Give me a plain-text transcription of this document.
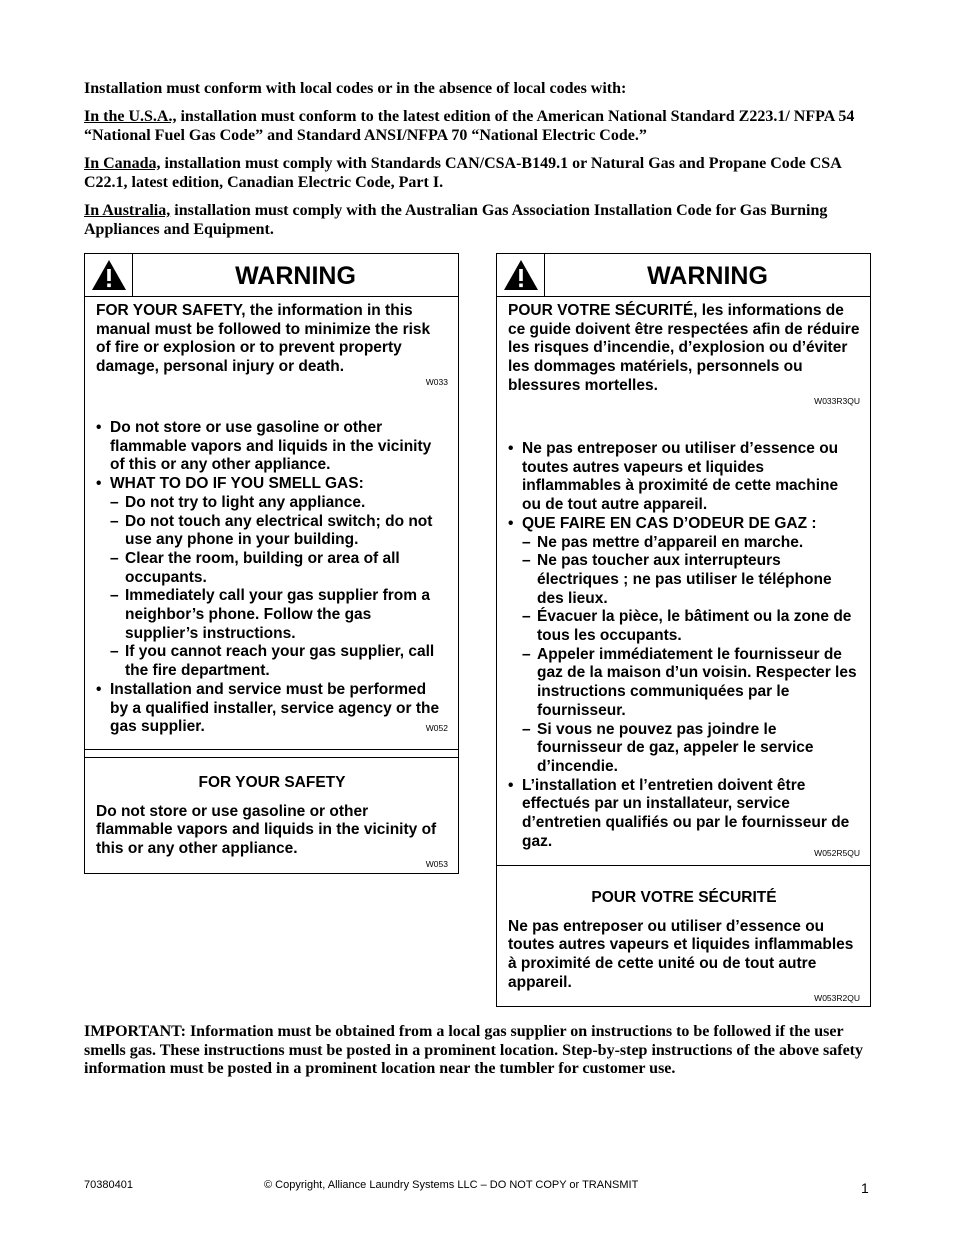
Installation must conform with local codes or in the absence of local codes with:

In the U.S.A., installation must conform to the latest edition of the American National Standard Z223.1/ NFPA 54 “National Fuel Gas Code” and Standard ANSI/NFPA 70 “National Electric Code.”

In Canada, installation must comply with Standards CAN/CSA-B149.1 or Natural Gas and Propane Code CSA C22.1, latest edition, Canadian Electric Code, Part I.

In Australia, installation must comply with the Australian Gas Association Installation Code for Gas Burning Appliances and Equipment.

WARNING

FOR YOUR SAFETY, the information in this manual must be followed to minimize the risk of fire or explosion or to prevent property damage, personal injury or death.

W033
• Do not store or use gasoline or other flammable vapors and liquids in the vicinity of this or any other appliance.
• WHAT TO DO IF YOU SMELL GAS:
– Do not try to light any appliance.
– Do not touch any electrical switch; do not use any phone in your building.
– Clear the room, building or area of all occupants.
– Immediately call your gas supplier from a neighbor’s phone. Follow the gas supplier’s instructions.
– If you cannot reach your gas supplier, call the fire department.
• Installation and service must be performed by a qualified installer, service agency or the gas supplier.	W052

FOR YOUR SAFETY

Do not store or use gasoline or other flammable vapors and liquids in the vicinity of this or any other appliance.

W053
WARNING

POUR VOTRE SÉCURITÉ, les informations de ce guide doivent être respectées afin de réduire les risques d’incendie, d’explosion ou d’éviter les dommages matériels, personnels ou blessures mortelles.

W033R3QU
• Ne pas entreposer ou utiliser d’essence ou toutes autres vapeurs et liquides inflammables à proximité de cette machine ou de tout autre appareil.
• QUE FAIRE EN CAS D’ODEUR DE GAZ :
– Ne pas mettre d’appareil en marche.
– Ne pas toucher aux interrupteurs électriques ; ne pas utiliser le téléphone des lieux.
– Évacuer la pièce, le bâtiment ou la zone de tous les occupants.
– Appeler immédiatement le fournisseur de gaz de la maison d’un voisin. Respecter les instructions communiquées par le fournisseur.
– Si vous ne pouvez pas joindre le fournisseur de gaz, appeler le service d’incendie.
• L’installation et l’entretien doivent être effectués par un installateur, service d’entretien qualifiés ou par le fournisseur de gaz.
W052R5QU

POUR VOTRE SÉCURITÉ

Ne pas entreposer ou utiliser d’essence ou toutes autres vapeurs et liquides inflammables à proximité de cette unité ou de tout autre appareil.

W053R2QU

IMPORTANT: Information must be obtained from a local gas supplier on instructions to be followed if the user smells gas. These instructions must be posted in a prominent location. Step-by-step instructions of the above safety information must be posted in a prominent location near the tumbler for customer use.

70380401	© Copyright, Alliance Laundry Systems LLC – DO NOT COPY or TRANSMIT	1
